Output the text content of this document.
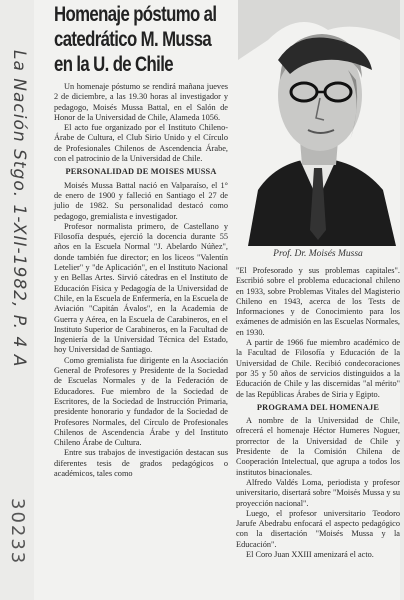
La Nación Stgo. 1-XII-1982, P. 4 A
30233
Homenaje póstumo al
catedrático M. Mussa
en la U. de Chile
Prof. Dr. Moisés Mussa

Un homenaje póstumo se rendirá mañana jueves 2 de diciembre, a las 19.30 horas al investigador y pedagogo, Moisés Mussa Battal, en el Salón de Honor de la Universidad de Chile, Alameda 1056.

El acto fue organizado por el Instituto Chileno-Árabe de Cultura, el Club Sirio Unido y el Círculo de Profesionales Chilenos de Ascendencia Árabe, con el patrocinio de la Universidad de Chile.

PERSONALIDAD DE MOISES MUSSA

Moisés Mussa Battal nació en Valparaíso, el 1° de enero de 1900 y falleció en Santiago el 27 de julio de 1982. Su personalidad destacó como pedagogo, gremialista e investigador.

Profesor normalista primero, de Castellano y Filosofía después, ejerció la docencia durante 55 años en la Escuela Normal "J. Abelardo Núñez", donde también fue director; en los liceos "Valentín Letelier" y "de Aplicación", en el Instituto Nacional y en Bellas Artes. Sirvió cátedras en el Instituto de Educación Física y Pedagogía de la Universidad de Chile, en la Escuela de Enfermería, en la Escuela de Aviación "Capitán Ávalos", en la Academia de Guerra y Aérea, en la Escuela de Carabineros, en el Instituto Superior de Carabineros, en la Facultad de Ingeniería de la Universidad Técnica del Estado, hoy Universidad de Santiago.

Como gremialista fue dirigente en la Asociación General de Profesores y Presidente de la Sociedad de Escuelas Normales y de la Federación de Educadores. Fue miembro de la Sociedad de Escritores, de la Sociedad de Instrucción Primaria, presidente honorario y fundador de la Sociedad de Profesores Normales, del Círculo de Profesionales Chilenos de Ascendencia Árabe y del Instituto Chileno Árabe de Cultura.

Entre sus trabajos de investigación destacan sus diferentes tesis de grados pedagógicos o académicos, tales como

"El Profesorado y sus problemas capitales". Escribió sobre el problema educacional chileno en 1933, sobre Problemas Vitales del Magisterio Chileno en 1943, acerca de los Tests de Informaciones y de Conocimiento para los exámenes de admisión en las Escuelas Normales, en 1930.

A partir de 1966 fue miembro académico de la Facultad de Filosofía y Educación de la Universidad de Chile. Recibió condecoraciones por 35 y 50 años de servicios distinguidos a la Educación de Chile y las discernidas "al mérito" de las Repúblicas Árabes de Siria y Egipto.

PROGRAMA DEL HOMENAJE

A nombre de la Universidad de Chile, ofrecerá el homenaje Héctor Humeres Noguer, prorrector de la Universidad de Chile y Presidente de la Comisión Chilena de Cooperación Intelectual, que agrupa a todos los institutos binacionales.

Alfredo Valdés Loma, periodista y profesor universitario, disertará sobre "Moisés Mussa y su proyección nacional".

Luego, el profesor universitario Teodoro Jarufe Abedrabu enfocará el aspecto pedagógico con la disertación "Moisés Mussa y la Educación".

El Coro Juan XXIII amenizará el acto.
